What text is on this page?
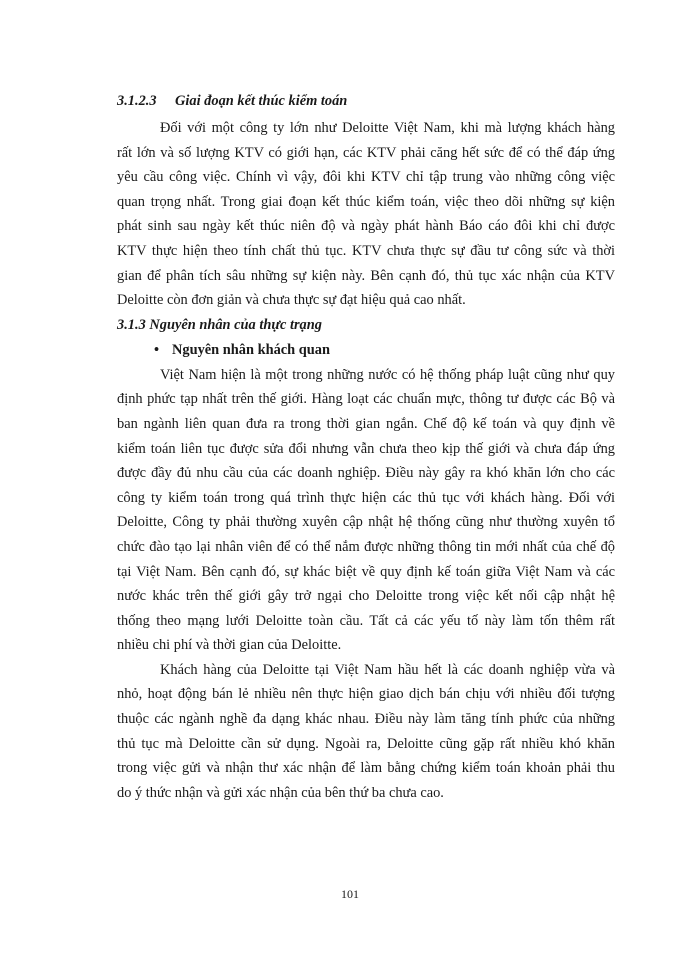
3.1.2.3 Giai đoạn kết thúc kiểm toán
Đối với một công ty lớn như Deloitte Việt Nam, khi mà lượng khách hàng
rất lớn và số lượng KTV có giới hạn, các KTV phải căng hết sức để có thể đáp ứng
yêu cầu công việc. Chính vì vậy, đôi khi KTV chỉ tập trung vào những công việc
quan trọng nhất. Trong giai đoạn kết thúc kiểm toán, việc theo dõi những sự kiện
phát sinh sau ngày kết thúc niên độ và ngày phát hành Báo cáo đôi khi chỉ được
KTV thực hiện theo tính chất thủ tục. KTV chưa thực sự đầu tư công sức và thời
gian để phân tích sâu những sự kiện này. Bên cạnh đó, thủ tục xác nhận của KTV
Deloitte còn đơn giản và chưa thực sự đạt hiệu quả cao nhất.
3.1.3 Nguyên nhân của thực trạng
• Nguyên nhân khách quan
Việt Nam hiện là một trong những nước có hệ thống pháp luật cũng như quy
định phức tạp nhất trên thế giới. Hàng loạt các chuẩn mực, thông tư được các Bộ và
ban ngành liên quan đưa ra trong thời gian ngắn. Chế độ kế toán và quy định về
kiểm toán liên tục được sửa đổi nhưng vẫn chưa theo kịp thế giới và chưa đáp ứng
được đầy đủ nhu cầu của các doanh nghiệp. Điều này gây ra khó khăn lớn cho các
công ty kiểm toán trong quá trình thực hiện các thủ tục với khách hàng. Đối với
Deloitte, Công ty phải thường xuyên cập nhật hệ thống cũng như thường xuyên tổ
chức đào tạo lại nhân viên để có thể nắm được những thông tin mới nhất của chế độ
tại Việt Nam. Bên cạnh đó, sự khác biệt về quy định kế toán giữa Việt Nam và các
nước khác trên thế giới gây trở ngại cho Deloitte trong việc kết nối cập nhật hệ
thống theo mạng lưới Deloitte toàn cầu. Tất cả các yếu tố này làm tốn thêm rất
nhiều chi phí và thời gian của Deloitte.
Khách hàng của Deloitte tại Việt Nam hầu hết là các doanh nghiệp vừa và
nhỏ, hoạt động bán lẻ nhiều nên thực hiện giao dịch bán chịu với nhiều đối tượng
thuộc các ngành nghề đa dạng khác nhau. Điều này làm tăng tính phức của những
thủ tục mà Deloitte cần sử dụng. Ngoài ra, Deloitte cũng gặp rất nhiều khó khăn
trong việc gửi và nhận thư xác nhận để làm bằng chứng kiểm toán khoản phải thu
do ý thức nhận và gửi xác nhận của bên thứ ba chưa cao.
101
